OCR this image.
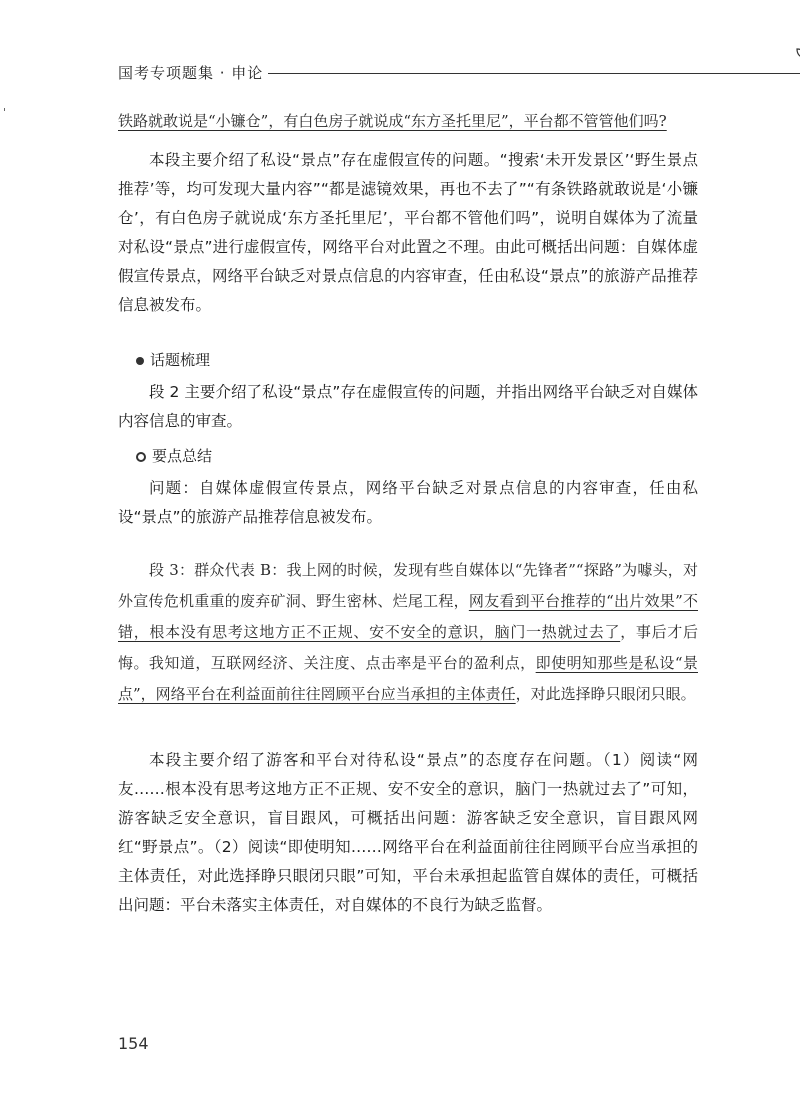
国考专项题集 · 申论

铁路就敢说是“小镰仓”，有白色房子就说成“东方圣托里尼”，平台都不管管他们吗?

本段主要介绍了私设“景点”存在虚假宣传的问题。“搜索‘未开发景区’‘野生景点推荐’等，均可发现大量内容”“都是滤镜效果，再也不去了”“有条铁路就敢说是‘小镰仓’，有白色房子就说成‘东方圣托里尼’，平台都不管他们吗”，说明自媒体为了流量对私设“景点”进行虚假宣传，网络平台对此置之不理。由此可概括出问题：自媒体虚假宣传景点，网络平台缺乏对景点信息的内容审查，任由私设“景点”的旅游产品推荐信息被发布。

话题梳理

段 2 主要介绍了私设“景点”存在虚假宣传的问题，并指出网络平台缺乏对自媒体内容信息的审查。

要点总结

问题：自媒体虚假宣传景点，网络平台缺乏对景点信息的内容审查，任由私设“景点”的旅游产品推荐信息被发布。

段 3：群众代表 B：我上网的时候，发现有些自媒体以“先锋者”“探路”为噱头，对外宣传危机重重的废弃矿洞、野生密林、烂尾工程，网友看到平台推荐的“出片效果”不错，根本没有思考这地方正不正规、安不安全的意识，脑门一热就过去了，事后才后悔。我知道，互联网经济、关注度、点击率是平台的盈利点，即使明知那些是私设“景点”，网络平台在利益面前往往罔顾平台应当承担的主体责任，对此选择睁只眼闭只眼。

本段主要介绍了游客和平台对待私设“景点”的态度存在问题。（1）阅读“网友……根本没有思考这地方正不正规、安不安全的意识，脑门一热就过去了”可知，游客缺乏安全意识，盲目跟风，可概括出问题：游客缺乏安全意识，盲目跟风网红“野景点”。（2）阅读“即使明知……网络平台在利益面前往往罔顾平台应当承担的主体责任，对此选择睁只眼闭只眼”可知，平台未承担起监管自媒体的责任，可概括出问题：平台未落实主体责任，对自媒体的不良行为缺乏监督。

154
